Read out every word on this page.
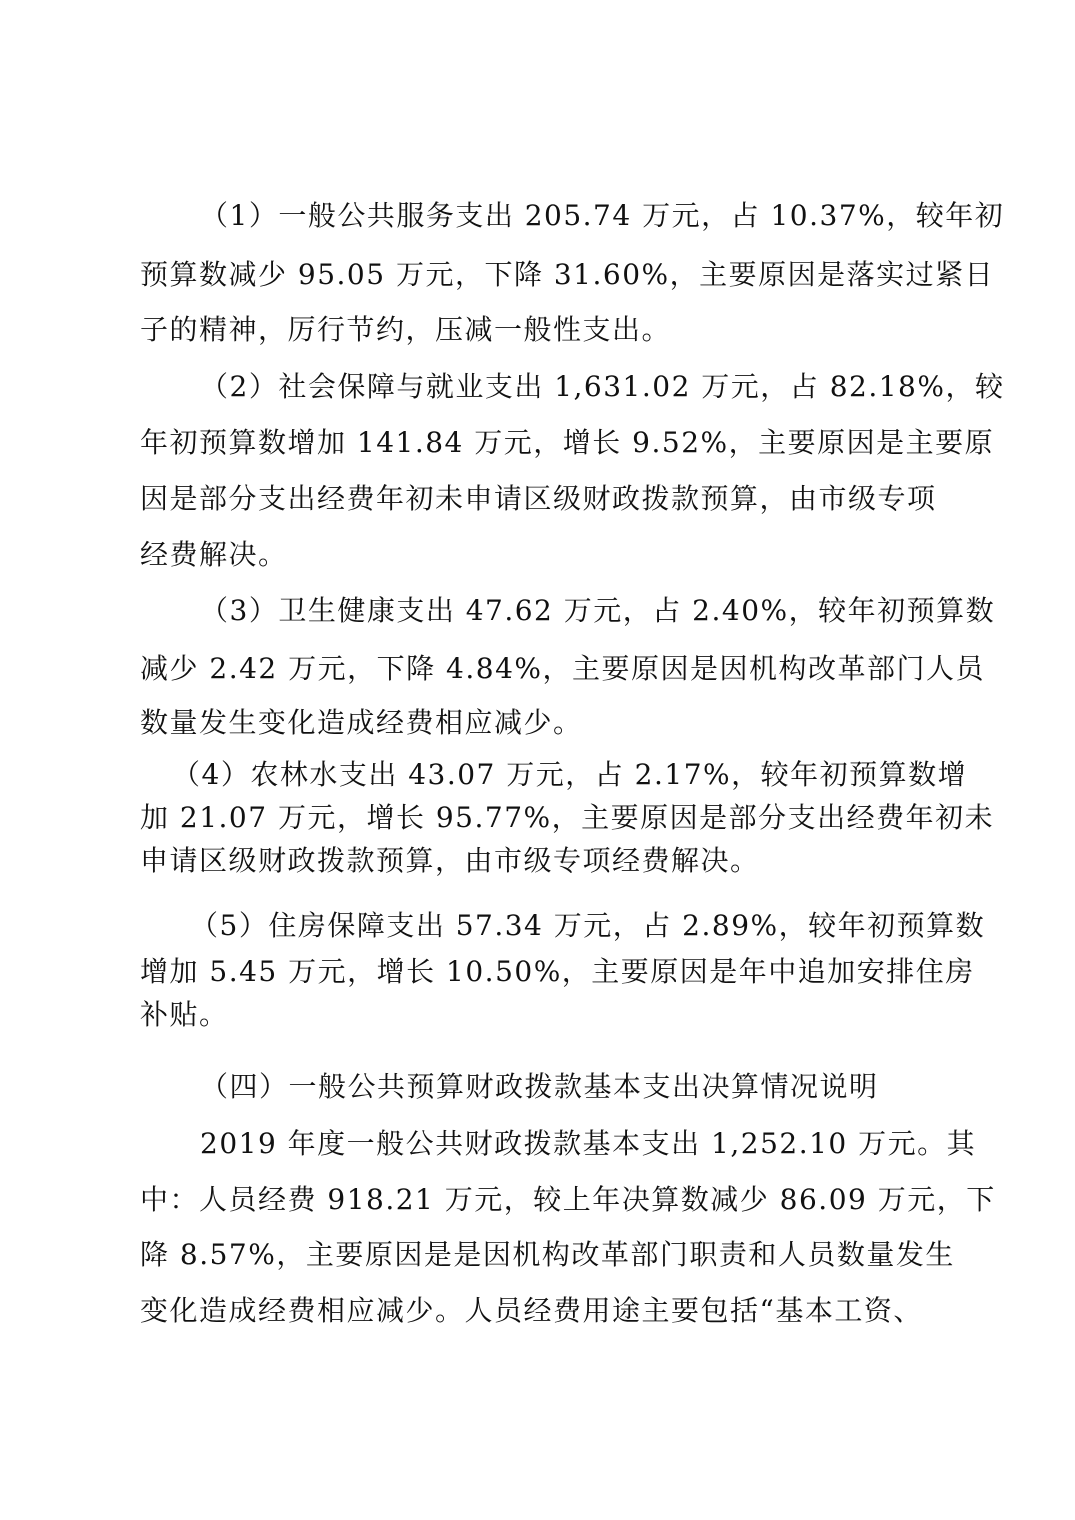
（1）一般公共服务支出 205.74 万元，占 10.37%，较年初
预算数减少 95.05 万元，下降 31.60%，主要原因是落实过紧日
子的精神，厉行节约，压减一般性支出。
（2）社会保障与就业支出 1,631.02 万元，占 82.18%，较
年初预算数增加 141.84 万元，增长 9.52%，主要原因是主要原
因是部分支出经费年初未申请区级财政拨款预算，由市级专项
经费解决。
（3）卫生健康支出 47.62 万元，占 2.40%，较年初预算数
减少 2.42 万元，下降 4.84%，主要原因是因机构改革部门人员
数量发生变化造成经费相应减少。
（4）农林水支出 43.07 万元，占 2.17%，较年初预算数增
加 21.07 万元，增长 95.77%，主要原因是部分支出经费年初未
申请区级财政拨款预算，由市级专项经费解决。
（5）住房保障支出 57.34 万元，占 2.89%，较年初预算数
增加 5.45 万元，增长 10.50%，主要原因是年中追加安排住房
补贴。
（四）一般公共预算财政拨款基本支出决算情况说明
2019 年度一般公共财政拨款基本支出 1,252.10 万元。其
中：人员经费 918.21 万元，较上年决算数减少 86.09 万元，下
降 8.57%，主要原因是是因机构改革部门职责和人员数量发生
变化造成经费相应减少。人员经费用途主要包括“基本工资、
